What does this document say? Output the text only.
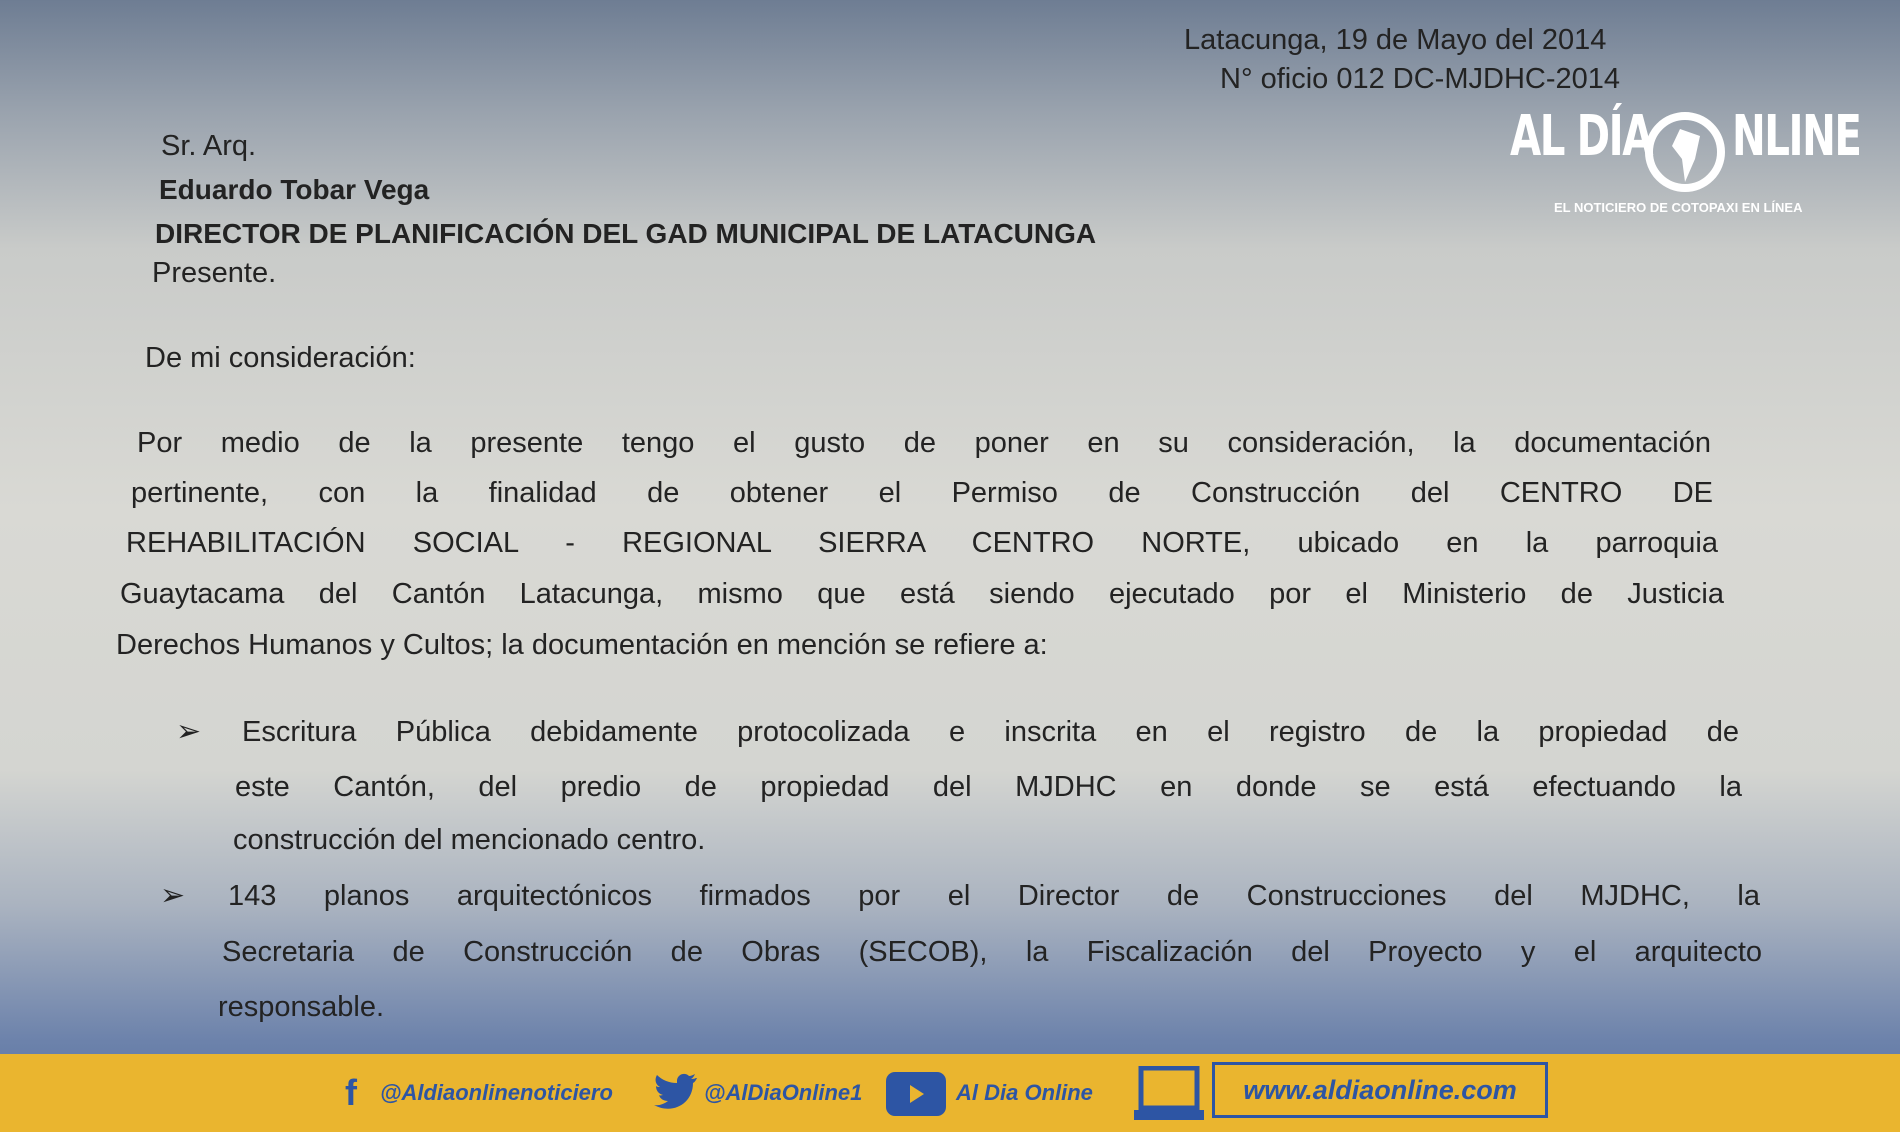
Latacunga, 19 de Mayo del 2014
N° oficio 012 DC-MJDHC-2014
AL DÍA NLINE
EL NOTICIERO DE COTOPAXI EN LÍNEA
Sr. Arq.
Eduardo Tobar Vega
DIRECTOR DE PLANIFICACIÓN DEL GAD MUNICIPAL DE LATACUNGA
Presente.
De mi consideración:
Por medio de la presente tengo el gusto de poner en su consideración, la documentación
pertinente, con la finalidad de obtener el Permiso de Construcción del CENTRO DE
REHABILITACIÓN SOCIAL - REGIONAL SIERRA CENTRO NORTE, ubicado en la parroquia
Guaytacama del Cantón Latacunga, mismo que está siendo ejecutado por el Ministerio de Justicia
Derechos Humanos y Cultos; la documentación en mención se refiere a:
➢ Escritura Pública debidamente protocolizada e inscrita en el registro de la propiedad de
este Cantón, del predio de propiedad del MJDHC en donde se está efectuando la
construcción del mencionado centro.
➢ 143 planos arquitectónicos firmados por el Director de Construcciones del MJDHC, la
Secretaria de Construcción de Obras (SECOB), la Fiscalización del Proyecto y el arquitecto
responsable.
f @Aldiaonlinenoticiero	@AlDiaOnline1	Al Dia Online	www.aldiaonline.com
